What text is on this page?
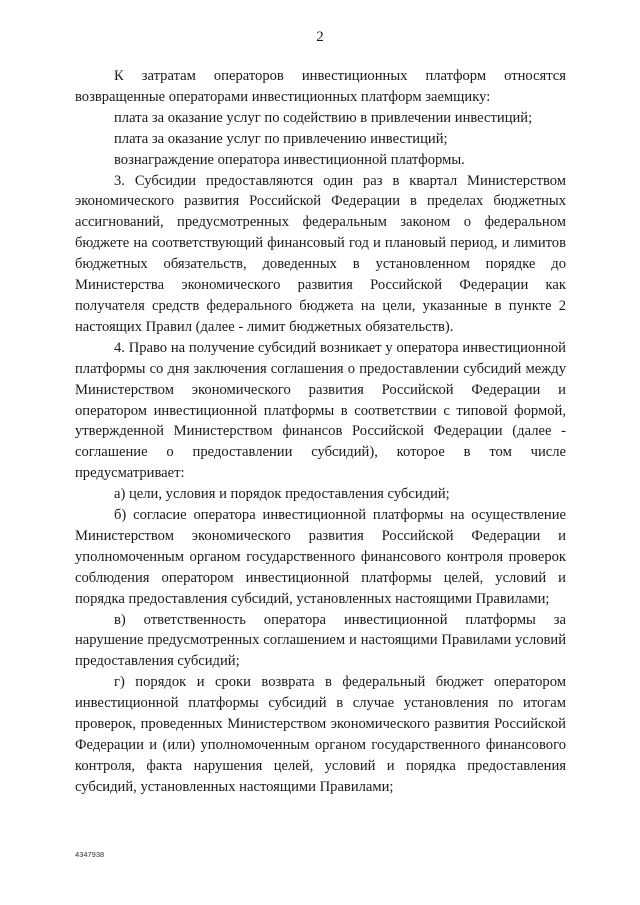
2

К затратам операторов инвестиционных платформ относятся возвращенные операторами инвестиционных платформ заемщику:

плата за оказание услуг по содействию в привлечении инвестиций;

плата за оказание услуг по привлечению инвестиций;

вознаграждение оператора инвестиционной платформы.

3. Субсидии предоставляются один раз в квартал Министерством экономического развития Российской Федерации в пределах бюджетных ассигнований, предусмотренных федеральным законом о федеральном бюджете на соответствующий финансовый год и плановый период, и лимитов бюджетных обязательств, доведенных в установленном порядке до Министерства экономического развития Российской Федерации как получателя средств федерального бюджета на цели, указанные в пункте 2 настоящих Правил (далее - лимит бюджетных обязательств).

4. Право на получение субсидий возникает у оператора инвестиционной платформы со дня заключения соглашения о предоставлении субсидий между Министерством экономического развития Российской Федерации и оператором инвестиционной платформы в соответствии с типовой формой, утвержденной Министерством финансов Российской Федерации (далее - соглашение о предоставлении субсидий), которое в том числе предусматривает:

а) цели, условия и порядок предоставления субсидий;

б) согласие оператора инвестиционной платформы на осуществление Министерством экономического развития Российской Федерации и уполномоченным органом государственного финансового контроля проверок соблюдения оператором инвестиционной платформы целей, условий и порядка предоставления субсидий, установленных настоящими Правилами;

в) ответственность оператора инвестиционной платформы за нарушение предусмотренных соглашением и настоящими Правилами условий предоставления субсидий;

г) порядок и сроки возврата в федеральный бюджет оператором инвестиционной платформы субсидий в случае установления по итогам проверок, проведенных Министерством экономического развития Российской Федерации и (или) уполномоченным органом государственного финансового контроля, факта нарушения целей, условий и порядка предоставления субсидий, установленных настоящими Правилами;

4347938
